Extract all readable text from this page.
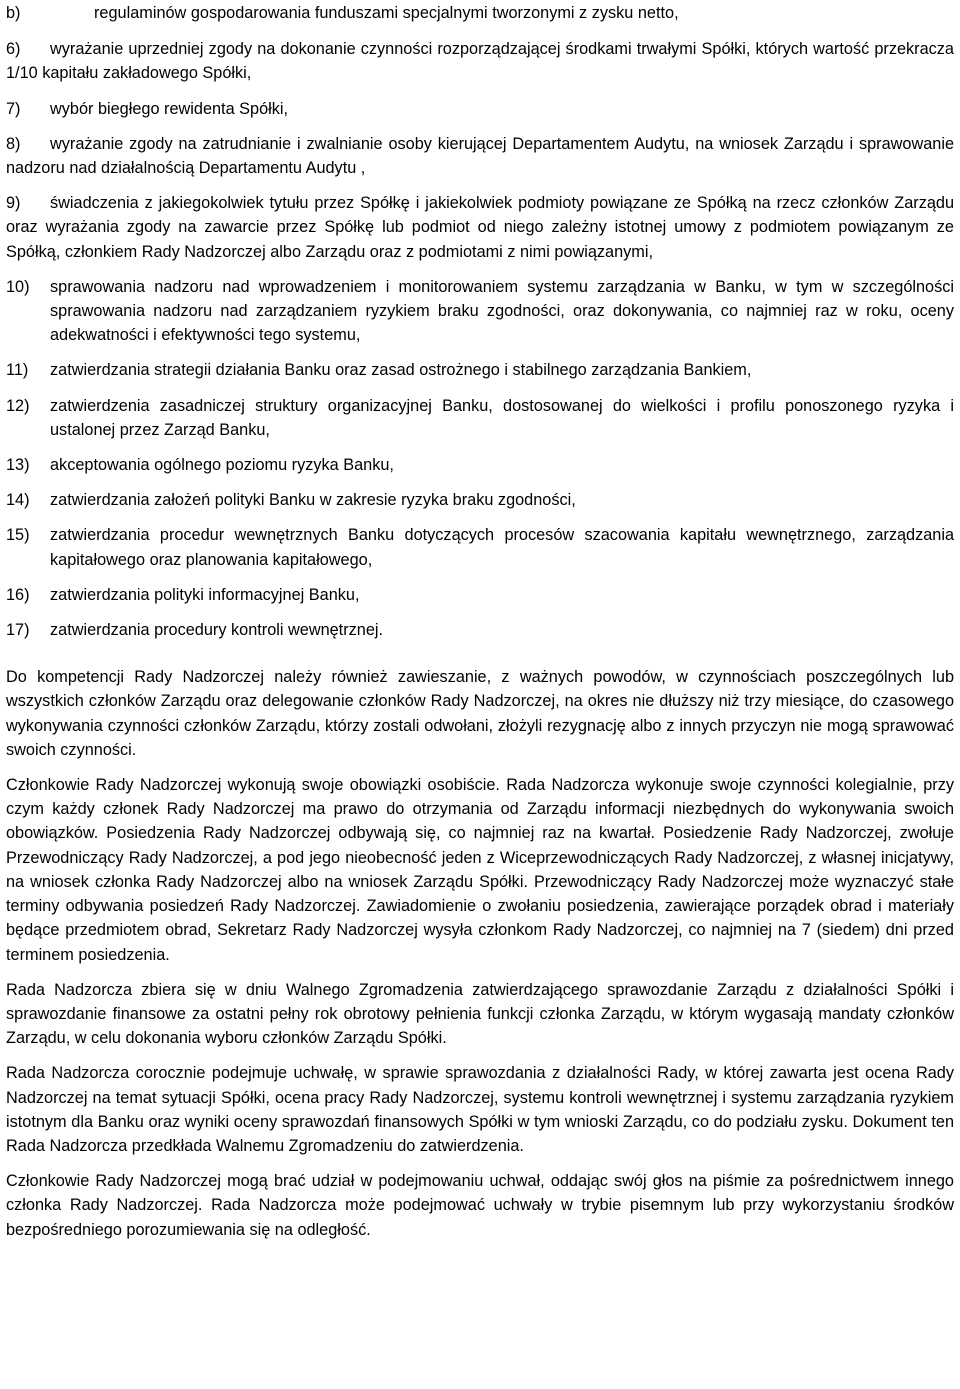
b)	regulaminów gospodarowania funduszami specjalnymi tworzonymi z zysku netto,
6)	wyrażanie uprzedniej zgody na dokonanie czynności rozporządzającej środkami trwałymi Spółki, których wartość przekracza 1/10 kapitału zakładowego Spółki,
7)	wybór biegłego rewidenta Spółki,
8)	wyrażanie zgody na zatrudnianie i zwalnianie osoby kierującej Departamentem Audytu, na wniosek Zarządu i sprawowanie nadzoru nad działalnością Departamentu Audytu ,
9)	świadczenia z jakiegokolwiek tytułu przez Spółkę i jakiekolwiek podmioty powiązane ze Spółką na rzecz członków Zarządu oraz wyrażania zgody na zawarcie przez Spółkę lub podmiot od niego zależny istotnej umowy z podmiotem powiązanym ze Spółką, członkiem Rady Nadzorczej albo Zarządu oraz z podmiotami z nimi powiązanymi,
10)	sprawowania nadzoru nad wprowadzeniem i monitorowaniem systemu zarządzania w Banku, w tym w szczególności sprawowania nadzoru nad zarządzaniem ryzykiem braku zgodności, oraz dokonywania, co najmniej raz w roku, oceny adekwatności i efektywności tego systemu,
11)	zatwierdzania strategii działania Banku oraz zasad ostrożnego i stabilnego zarządzania Bankiem,
12)	zatwierdzenia zasadniczej struktury organizacyjnej Banku, dostosowanej do wielkości i profilu ponoszonego ryzyka i ustalonej przez Zarząd Banku,
13)	akceptowania ogólnego poziomu ryzyka Banku,
14)	zatwierdzania założeń polityki Banku w zakresie ryzyka braku zgodności,
15)	zatwierdzania procedur wewnętrznych Banku dotyczących procesów szacowania kapitału wewnętrznego, zarządzania kapitałowego oraz planowania kapitałowego,
16)	zatwierdzania polityki informacyjnej Banku,
17)	zatwierdzania procedury kontroli wewnętrznej.
Do kompetencji Rady Nadzorczej należy również zawieszanie, z ważnych powodów, w czynnościach poszczególnych lub wszystkich członków Zarządu oraz delegowanie członków Rady Nadzorczej, na okres nie dłuższy niż trzy miesiące, do czasowego wykonywania czynności członków Zarządu, którzy zostali odwołani, złożyli rezygnację albo z innych przyczyn nie mogą sprawować swoich czynności.
Członkowie Rady Nadzorczej wykonują swoje obowiązki osobiście. Rada Nadzorcza wykonuje swoje czynności kolegialnie, przy czym każdy członek Rady Nadzorczej ma prawo do otrzymania od Zarządu informacji niezbędnych do wykonywania swoich obowiązków. Posiedzenia Rady Nadzorczej odbywają się, co najmniej raz na kwartał. Posiedzenie Rady Nadzorczej, zwołuje Przewodniczący Rady Nadzorczej, a pod jego nieobecność jeden z Wiceprzewodniczących Rady Nadzorczej, z własnej inicjatywy, na wniosek członka Rady Nadzorczej albo na wniosek Zarządu Spółki. Przewodniczący Rady Nadzorczej może wyznaczyć stałe terminy odbywania posiedzeń Rady Nadzorczej. Zawiadomienie o zwołaniu posiedzenia, zawierające porządek obrad i materiały będące przedmiotem obrad, Sekretarz Rady Nadzorczej wysyła członkom Rady Nadzorczej, co najmniej na 7 (siedem) dni przed terminem posiedzenia.
Rada Nadzorcza zbiera się w dniu Walnego Zgromadzenia zatwierdzającego sprawozdanie Zarządu z działalności Spółki i sprawozdanie finansowe za ostatni pełny rok obrotowy pełnienia funkcji członka Zarządu, w którym wygasają mandaty członków Zarządu, w celu dokonania wyboru członków Zarządu Spółki.
Rada Nadzorcza corocznie podejmuje uchwałę, w sprawie sprawozdania z działalności Rady, w której zawarta jest ocena Rady Nadzorczej na temat sytuacji Spółki, ocena pracy Rady Nadzorczej, systemu kontroli wewnętrznej i systemu zarządzania ryzykiem istotnym dla Banku oraz wyniki oceny sprawozdań finansowych Spółki w tym wnioski Zarządu, co do podziału zysku. Dokument ten Rada Nadzorcza przedkłada Walnemu Zgromadzeniu do zatwierdzenia.
Członkowie Rady Nadzorczej mogą brać udział w podejmowaniu uchwał, oddając swój głos na piśmie za pośrednictwem innego członka Rady Nadzorczej. Rada Nadzorcza może podejmować uchwały w trybie pisemnym lub przy wykorzystaniu środków bezpośredniego porozumiewania się na odległość.
